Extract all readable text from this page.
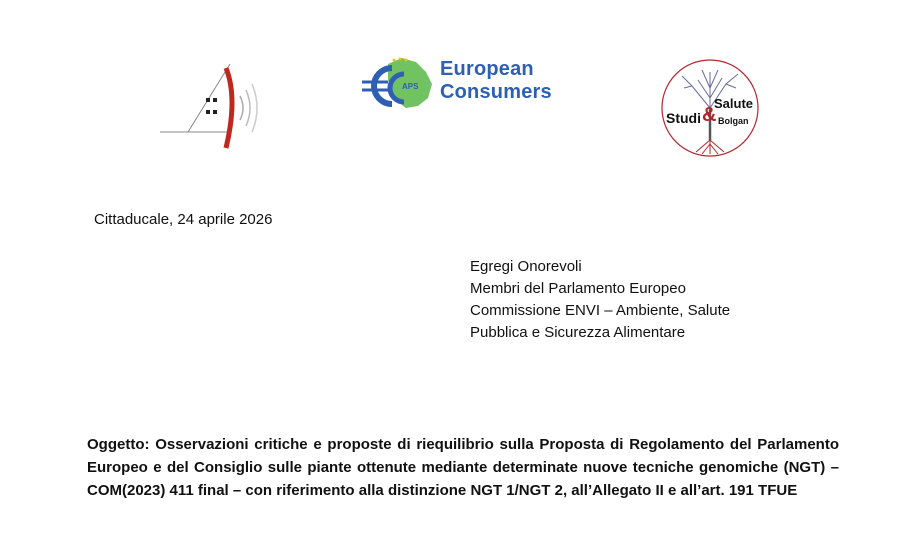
APS
European
Consumers
Salute
Studi & Bolgan
Cittaducale, 24 aprile 2026
Egregi Onorevoli
Membri del Parlamento Europeo
Commissione ENVI – Ambiente, Salute
Pubblica e Sicurezza Alimentare
Oggetto: Osservazioni critiche e proposte di riequilibrio sulla Proposta di Regolamento del Parlamento Europeo e del Consiglio sulle piante ottenute mediante determinate nuove tecniche genomiche (NGT) – COM(2023) 411 final – con riferimento alla distinzione NGT 1/NGT 2, all’Allegato II e all’art. 191 TFUE
